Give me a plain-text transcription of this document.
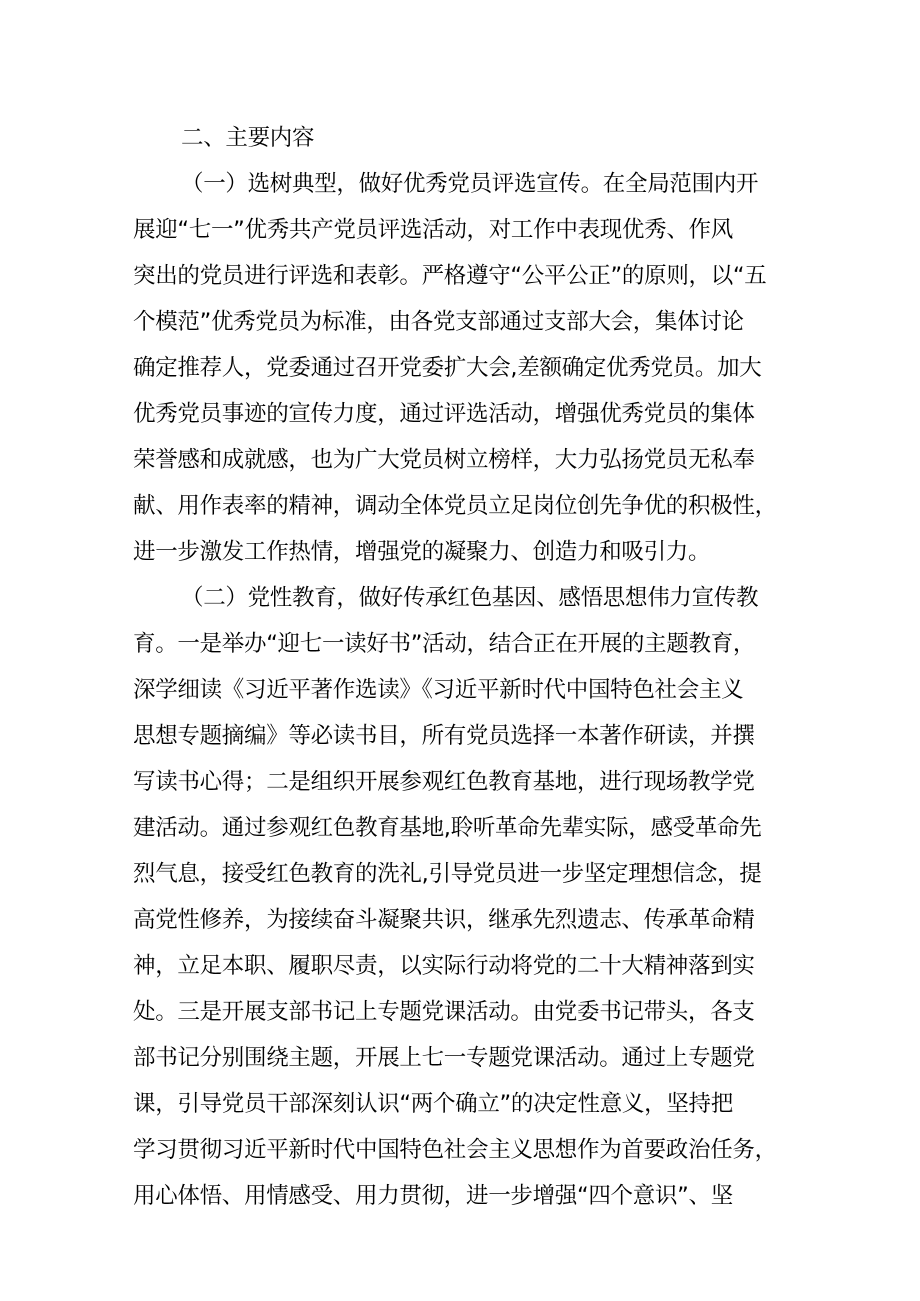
二、主要内容
（一）选树典型，做好优秀党员评选宣传。在全局范围内开
展迎“七一”优秀共产党员评选活动，对工作中表现优秀、作风
突出的党员进行评选和表彰。严格遵守“公平公正”的原则，以“五
个模范”优秀党员为标准，由各党支部通过支部大会，集体讨论
确定推荐人，党委通过召开党委扩大会,差额确定优秀党员。加大
优秀党员事迹的宣传力度，通过评选活动，增强优秀党员的集体
荣誉感和成就感，也为广大党员树立榜样，大力弘扬党员无私奉
献、用作表率的精神，调动全体党员立足岗位创先争优的积极性，
进一步激发工作热情，增强党的凝聚力、创造力和吸引力。
（二）党性教育，做好传承红色基因、感悟思想伟力宣传教
育。一是举办“迎七一读好书”活动，结合正在开展的主题教育，
深学细读《习近平著作选读》《习近平新时代中国特色社会主义
思想专题摘编》等必读书目，所有党员选择一本著作研读，并撰
写读书心得；二是组织开展参观红色教育基地，进行现场教学党
建活动。通过参观红色教育基地,聆听革命先辈实际，感受革命先
烈气息，接受红色教育的洗礼,引导党员进一步坚定理想信念，提
高党性修养，为接续奋斗凝聚共识，继承先烈遗志、传承革命精
神，立足本职、履职尽责，以实际行动将党的二十大精神落到实
处。三是开展支部书记上专题党课活动。由党委书记带头，各支
部书记分别围绕主题，开展上七一专题党课活动。通过上专题党
课，引导党员干部深刻认识“两个确立”的决定性意义，坚持把
学习贯彻习近平新时代中国特色社会主义思想作为首要政治任务，
用心体悟、用情感受、用力贯彻，进一步增强“四个意识”、坚
